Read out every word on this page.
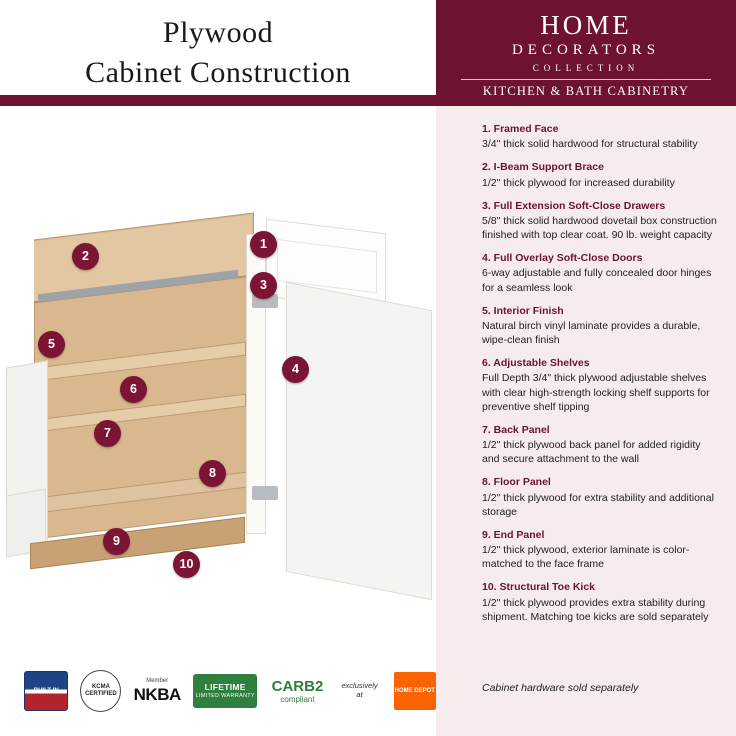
Plywood
Cabinet Construction
HOME
DECORATORS
COLLECTION
KITCHEN & BATH CABINETRY
1. Framed Face
3/4" thick solid hardwood for structural stability
2. I-Beam Support Brace
1/2" thick plywood for increased durability
3. Full Extension Soft-Close Drawers
5/8" thick solid hardwood dovetail box construction finished with top clear coat. 90 lb. weight capacity
4. Full Overlay Soft-Close Doors
6-way adjustable and fully concealed door hinges for a seamless look
5. Interior Finish
Natural birch vinyl laminate provides a durable, wipe-clean finish
6. Adjustable Shelves
Full Depth 3/4" thick plywood adjustable shelves with clear high-strength locking shelf supports for preventive shelf tipping
7. Back Panel
1/2" thick plywood back panel for added rigidity and secure attachment to the wall
8. Floor Panel
1/2" thick plywood for extra stability and additional storage
9. End Panel
1/2" thick plywood, exterior laminate is color-matched to the face frame
10. Structural Toe Kick
1/2" thick plywood provides extra stability during shipment. Matching toe kicks are sold separately
Cabinet hardware sold separately
1
2
3
4
5
6
7
8
9
10
BUILT IN
KCMA
CERTIFIED
Member
NKBA	LIFETIME
LIMITED WARRANTY
CARB2
compliant
exclusively at	HOME DEPOT
